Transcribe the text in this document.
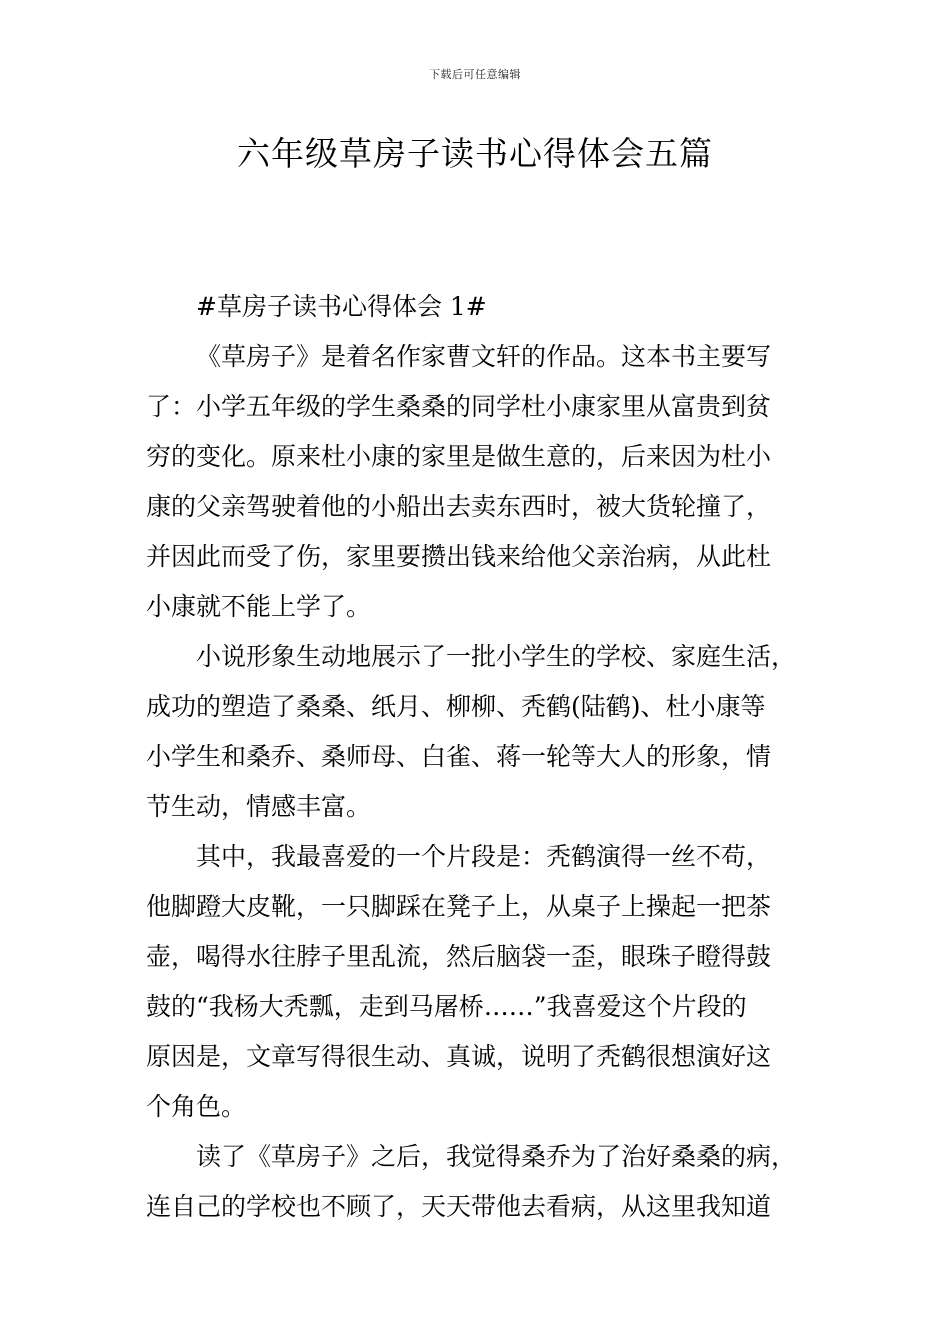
下载后可任意编辑
六年级草房子读书心得体会五篇
#草房子读书心得体会 1#
《草房子》是着名作家曹文轩的作品。这本书主要写
了：小学五年级的学生桑桑的同学杜小康家里从富贵到贫
穷的变化。原来杜小康的家里是做生意的，后来因为杜小
康的父亲驾驶着他的小船出去卖东西时，被大货轮撞了，
并因此而受了伤，家里要攒出钱来给他父亲治病，从此杜
小康就不能上学了。
小说形象生动地展示了一批小学生的学校、家庭生活，
成功的塑造了桑桑、纸月、柳柳、秃鹤(陆鹤)、杜小康等
小学生和桑乔、桑师母、白雀、蒋一轮等大人的形象，情
节生动，情感丰富。
其中，我最喜爱的一个片段是：秃鹤演得一丝不苟，
他脚蹬大皮靴，一只脚踩在凳子上，从桌子上操起一把茶
壶，喝得水往脖子里乱流，然后脑袋一歪，眼珠子瞪得鼓
鼓的“我杨大秃瓢，走到马屠桥……”我喜爱这个片段的
原因是，文章写得很生动、真诚，说明了秃鹤很想演好这
个角色。
读了《草房子》之后，我觉得桑乔为了治好桑桑的病，
连自己的学校也不顾了，天天带他去看病，从这里我知道
